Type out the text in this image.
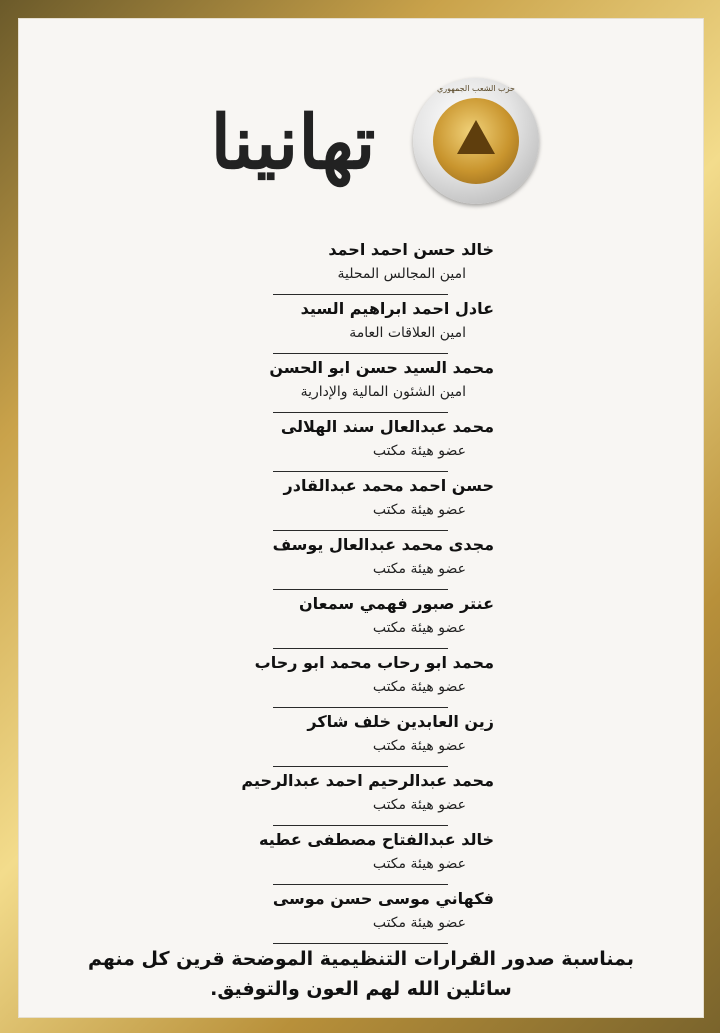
تهانينا
حزب الشعب الجمهوري
خالد حسن احمد احمد
امين المجالس المحلية
عادل احمد ابراهيم السيد
امين العلاقات العامة
محمد السيد حسن ابو الحسن
امين الشئون المالية والإدارية
محمد عبدالعال سند الهلالى
عضو هيئة مكتب
حسن احمد محمد عبدالقادر
عضو هيئة مكتب
مجدى محمد عبدالعال يوسف
عضو هيئة مكتب
عنتر صبور فهمي سمعان
عضو هيئة مكتب
محمد ابو رحاب محمد ابو رحاب
عضو هيئة مكتب
زين العابدين خلف شاكر
عضو هيئة مكتب
محمد عبدالرحيم احمد عبدالرحيم
عضو هيئة مكتب
خالد عبدالفتاح مصطفى عطيه
عضو هيئة مكتب
فكهاني موسى حسن موسى
عضو هيئة مكتب
بمناسبة صدور القرارات التنظيمية الموضحة قرين كل منهم
سائلين الله لهم العون والتوفيق.
